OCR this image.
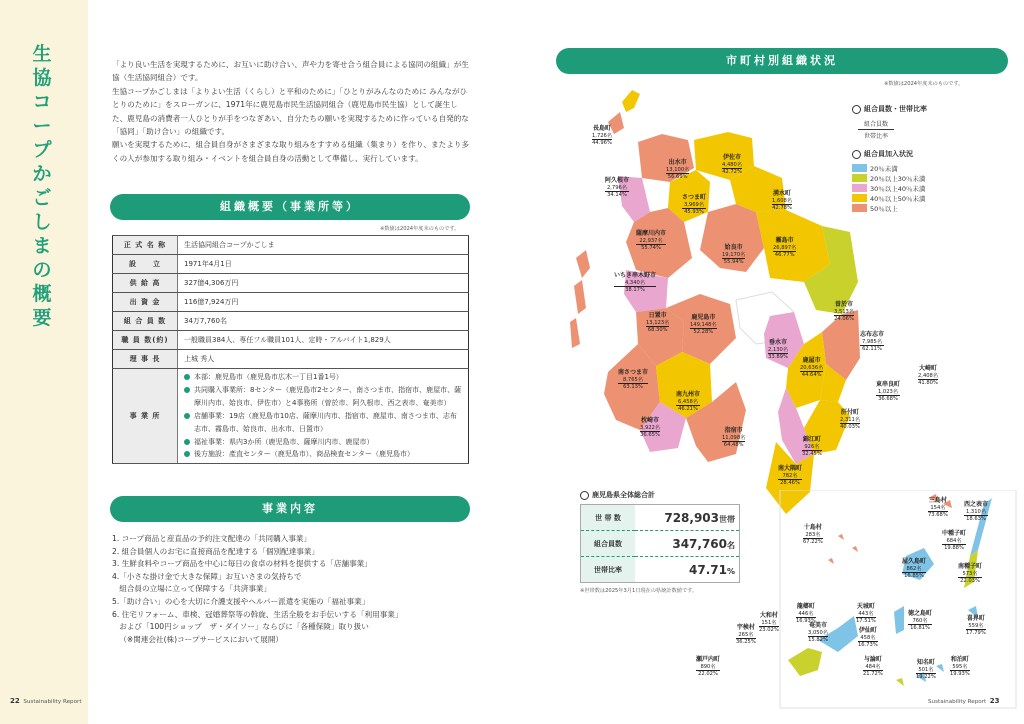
生協コープかごしまの概要

「より良い生活を実現するために、お互いに助け合い、声や力を寄せ合う組合員による協同の組織」が生協（生活協同組合）です。

生協コープかごしまは「よりよい生活（くらし）と平和のために」「ひとりがみんなのために みんながひとりのために」をスローガンに、1971年に鹿児島市民生活協同組合（鹿児島市民生協）として誕生した、鹿児島の消費者一人ひとりが手をつなぎあい、自分たちの願いを実現するために作っている自発的な「協同」「助け合い」の組織です。

願いを実現するために、組合員自身がさまざまな取り組みをすすめる組織（集まり）を作り、またより多くの人が参加する取り組み・イベントを組合員自身の活動として準備し、実行しています。

組織概要（事業所等）
※数値は2024年度末のものです。
正 式 名 称	生活協同組合コープかごしま
設　　立	1971年4月1日
供 給 高	327億4,306万円
出 資 金	116億7,924万円
組 合 員 数	34万7,760名
職 員 数(約)	一般職員384人、専任フル職員101人、定時・アルバイト1,829人
理 事 長	上城 秀人
事 業 所	本部：鹿児島市（鹿児島市広木一丁目1番1号）
共同購入事業所：8センター（鹿児島市2センター、南さつま市、指宿市、鹿屋市、薩摩川内市、姶良市、伊佐市）と4事務所（曽於市、阿久根市、西之表市、奄美市）
店舗事業：19店（鹿児島市10店、薩摩川内市、指宿市、鹿屋市、南さつま市、志布志市、霧島市、姶良市、出水市、日置市）
福祉事業：県内3か所（鹿児島市、薩摩川内市、鹿屋市）
後方施設：產直センター（鹿児島市）、商品検査センター（鹿児島市）
事業内容
1. コープ商品と産直品の予約注文配達の「共同購入事業」
2. 組合員個人のお宅に直接商品を配達する「個別配達事業」
3. 生鮮食料やコープ商品を中心に毎日の食卓の材料を提供する「店舗事業」
4.「小さな掛け金で大きな保障」お互いさまの気持ちで
組合員の立場に立って保障する「共済事業」
5.「助け合い」の心を大切に介護支援やヘルパー派遣を実施の「福祉事業」
6. 住宅リフォーム、車検、冠婚葬祭等の斡旋、生活全般をお手伝いする「利用事業」
および「100円ショップ　ザ・ダイソー」ならびに「各種保険」取り扱い
（※関連会社(株)コープサービスにおいて展開）
22 Sustainability Report	Sustainability Report 23
市町村別組織状況
※数値は2024年度末のものです。
長島町
1,726名
44.96%
出水市
13,100名
56.69%
伊佐市
4,480名
42.72%
阿久根市
2,796名
34.14%	さつま町
3,969名
45.93%
湧水町
1,608名
42.78%
薩摩川内市
22,937名
55.74%
霧島市
26,897名
46.77%
姶良市
19,170名
55.94%
いちき串木野市
4,340名
38.17%
曽於市
3,513名
24.06%
日置市
13,123名
68.30%
鹿児島市
149,148名
52.28%	志布志市
7,985名
62.11%
垂水市
2,130名
33.89%	鹿屋市
20,636名
44.64%
大崎町
2,408名
41.80%
南さつま市
8,765名
63.13%
南九州市
6,458名
46.21%
東串良町
1,023名
36.68%
肝付町
2,311名
40.03%
枕崎市
3,922名
36.65%
指宿市
11,098名
64.48%
錦江町
926名
32.45%
南大隅町
782名
28.46%
三島村
154名
73.68%
西之表市
1,310名
18.63%
十島村
283名
67.22%
中種子町
684名
19.88%
屋久島町
862名
16.85%
南種子町
573名
22.03%
龍郷町
446名
16.93%
大和村
151名
23.02%
奄美市
3,050名
15.82%
宇検村
265名
36.25%
瀬戸内町
890名
22.02%
喜界町
559名
17.79%
天城町
443名
17.51%
徳之島町
760名
16.81%
伊仙町
458名
16.73%
与論町
484名
21.72%
知名町
501名
19.22%
和泊町
595名
19.93%
組合員数・世帯比率
組合員数
世帯比率
組合員加入状況
20％未満
20％以上30％未満
30％以上40％未満
40％以上50％未満
50％以上
鹿児島県全体総合計
世 帯 数	728,903世帯
組合員数	347,760名
世帯比率	47.71%
※世帯数は2025年3月1日現在の県統計数値です。
